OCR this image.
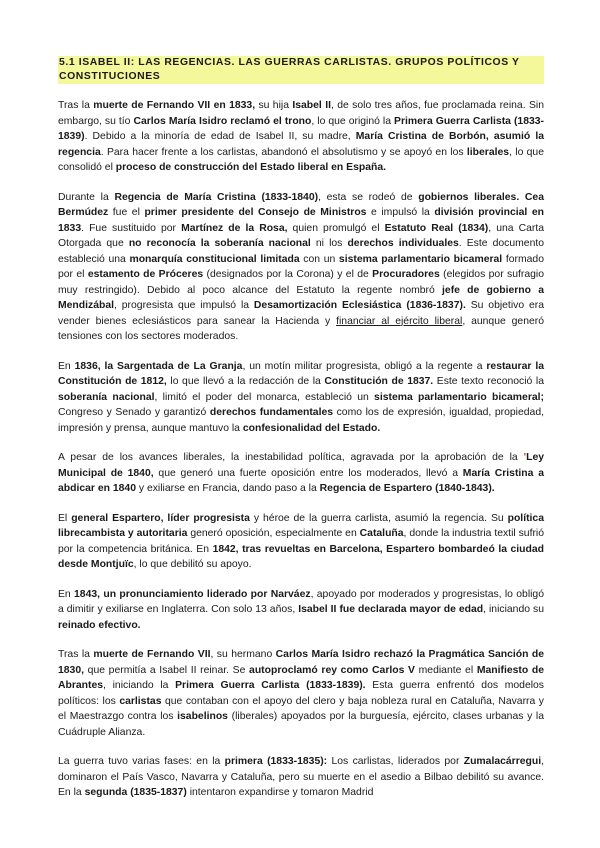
5.1 ISABEL II: LAS REGENCIAS. LAS GUERRAS CARLISTAS. GRUPOS POLÍTICOS Y CONSTITUCIONES

Tras la muerte de Fernando VII en 1833, su hija Isabel II, de solo tres años, fue proclamada reina. Sin embargo, su tío Carlos María Isidro reclamó el trono, lo que originó la Primera Guerra Carlista (1833-1839). Debido a la minoría de edad de Isabel II, su madre, María Cristina de Borbón, asumió la regencia. Para hacer frente a los carlistas, abandonó el absolutismo y se apoyó en los liberales, lo que consolidó el proceso de construcción del Estado liberal en España.

Durante la Regencia de María Cristina (1833-1840), esta se rodeó de gobiernos liberales. Cea Bermúdez fue el primer presidente del Consejo de Ministros e impulsó la división provincial en 1833. Fue sustituido por Martínez de la Rosa, quien promulgó el Estatuto Real (1834), una Carta Otorgada que no reconocía la soberanía nacional ni los derechos individuales. Este documento estableció una monarquía constitucional limitada con un sistema parlamentario bicameral formado por el estamento de Próceres (designados por la Corona) y el de Procuradores (elegidos por sufragio muy restringido). Debido al poco alcance del Estatuto la regente nombró jefe de gobierno a Mendizábal, progresista que impulsó la Desamortización Eclesiástica (1836-1837). Su objetivo era vender bienes eclesiásticos para sanear la Hacienda y financiar al ejército liberal, aunque generó tensiones con los sectores moderados.

En 1836, la Sargentada de La Granja, un motín militar progresista, obligó a la regente a restaurar la Constitución de 1812, lo que llevó a la redacción de la Constitución de 1837. Este texto reconoció la soberanía nacional, limitó el poder del monarca, estableció un sistema parlamentario bicameral; Congreso y Senado y garantizó derechos fundamentales como los de expresión, igualdad, propiedad, impresión y prensa, aunque mantuvo la confesionalidad del Estado.

A pesar de los avances liberales, la inestabilidad política, agravada por la aprobación de la 'Ley Municipal de 1840, que generó una fuerte oposición entre los moderados, llevó a María Cristina a abdicar en 1840 y exiliarse en Francia, dando paso a la Regencia de Espartero (1840-1843).

El general Espartero, líder progresista y héroe de la guerra carlista, asumió la regencia. Su política librecambista y autoritaria generó oposición, especialmente en Cataluña, donde la industria textil sufrió por la competencia británica. En 1842, tras revueltas en Barcelona, Espartero bombardeó la ciudad desde Montjuïc, lo que debilitó su apoyo.

En 1843, un pronunciamiento liderado por Narváez, apoyado por moderados y progresistas, lo obligó a dimitir y exiliarse en Inglaterra. Con solo 13 años, Isabel II fue declarada mayor de edad, iniciando su reinado efectivo.

Tras la muerte de Fernando VII, su hermano Carlos María Isidro rechazó la Pragmática Sanción de 1830, que permitía a Isabel II reinar. Se autoproclamó rey como Carlos V mediante el Manifiesto de Abrantes, iniciando la Primera Guerra Carlista (1833-1839). Esta guerra enfrentó dos modelos políticos: los carlistas que contaban con el apoyo del clero y baja nobleza rural en Cataluña, Navarra y el Maestrazgo contra los isabelinos (liberales) apoyados por la burguesía, ejército, clases urbanas y la Cuádruple Alianza.

La guerra tuvo varias fases: en la primera (1833-1835): Los carlistas, liderados por Zumalacárregui, dominaron el País Vasco, Navarra y Cataluña, pero su muerte en el asedio a Bilbao debilitó su avance. En la segunda (1835-1837) intentaron expandirse y tomaron Madrid
